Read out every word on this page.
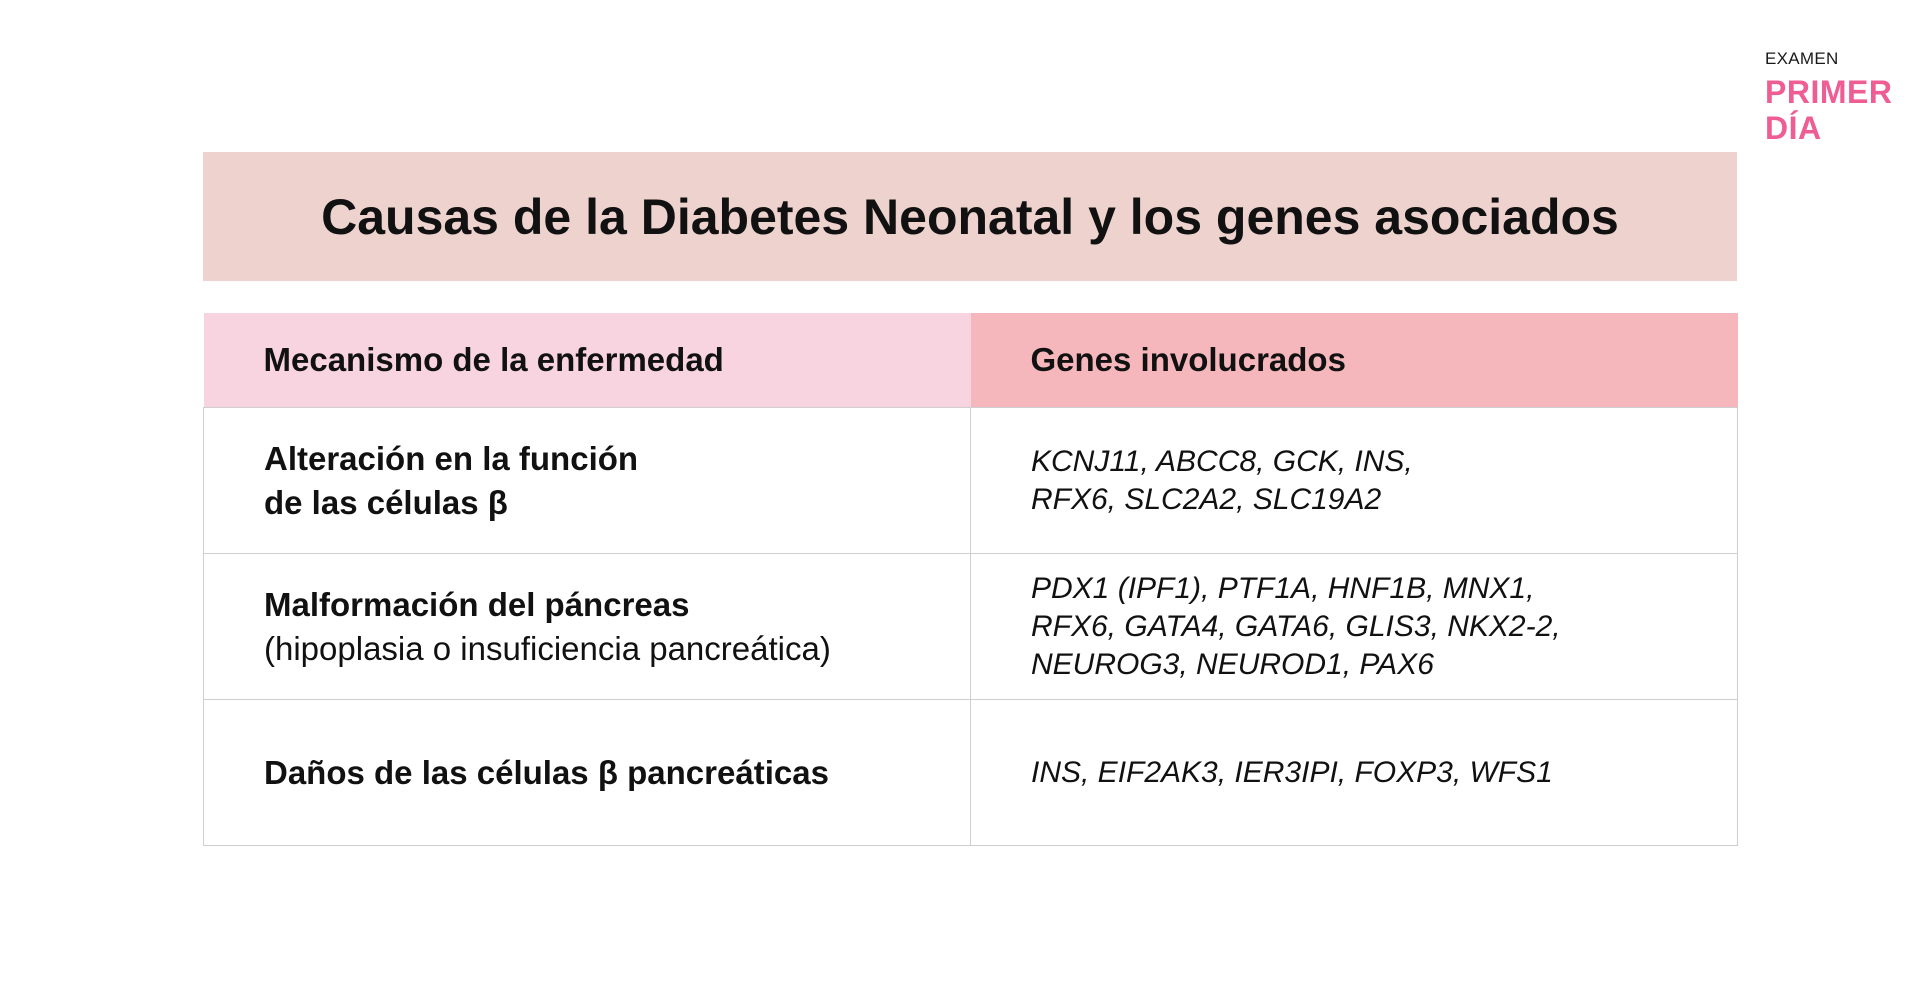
EXAMEN
PRIMER
DÍA
Causas de la Diabetes Neonatal y los genes asociados
Mecanismo de la enfermedad	Genes involucrados

Alteración en la función
de las células β	KCNJ11, ABCC8, GCK, INS,
RFX6, SLC2A2, SLC19A2

Malformación del páncreas
(hipoplasia o insuficiencia pancreática)	PDX1 (IPF1), PTF1A, HNF1B, MNX1,
RFX6, GATA4, GATA6, GLIS3, NKX2-2,
NEUROG3, NEUROD1, PAX6

Daños de las células β pancreáticas	INS, EIF2AK3, IER3IPI, FOXP3, WFS1
